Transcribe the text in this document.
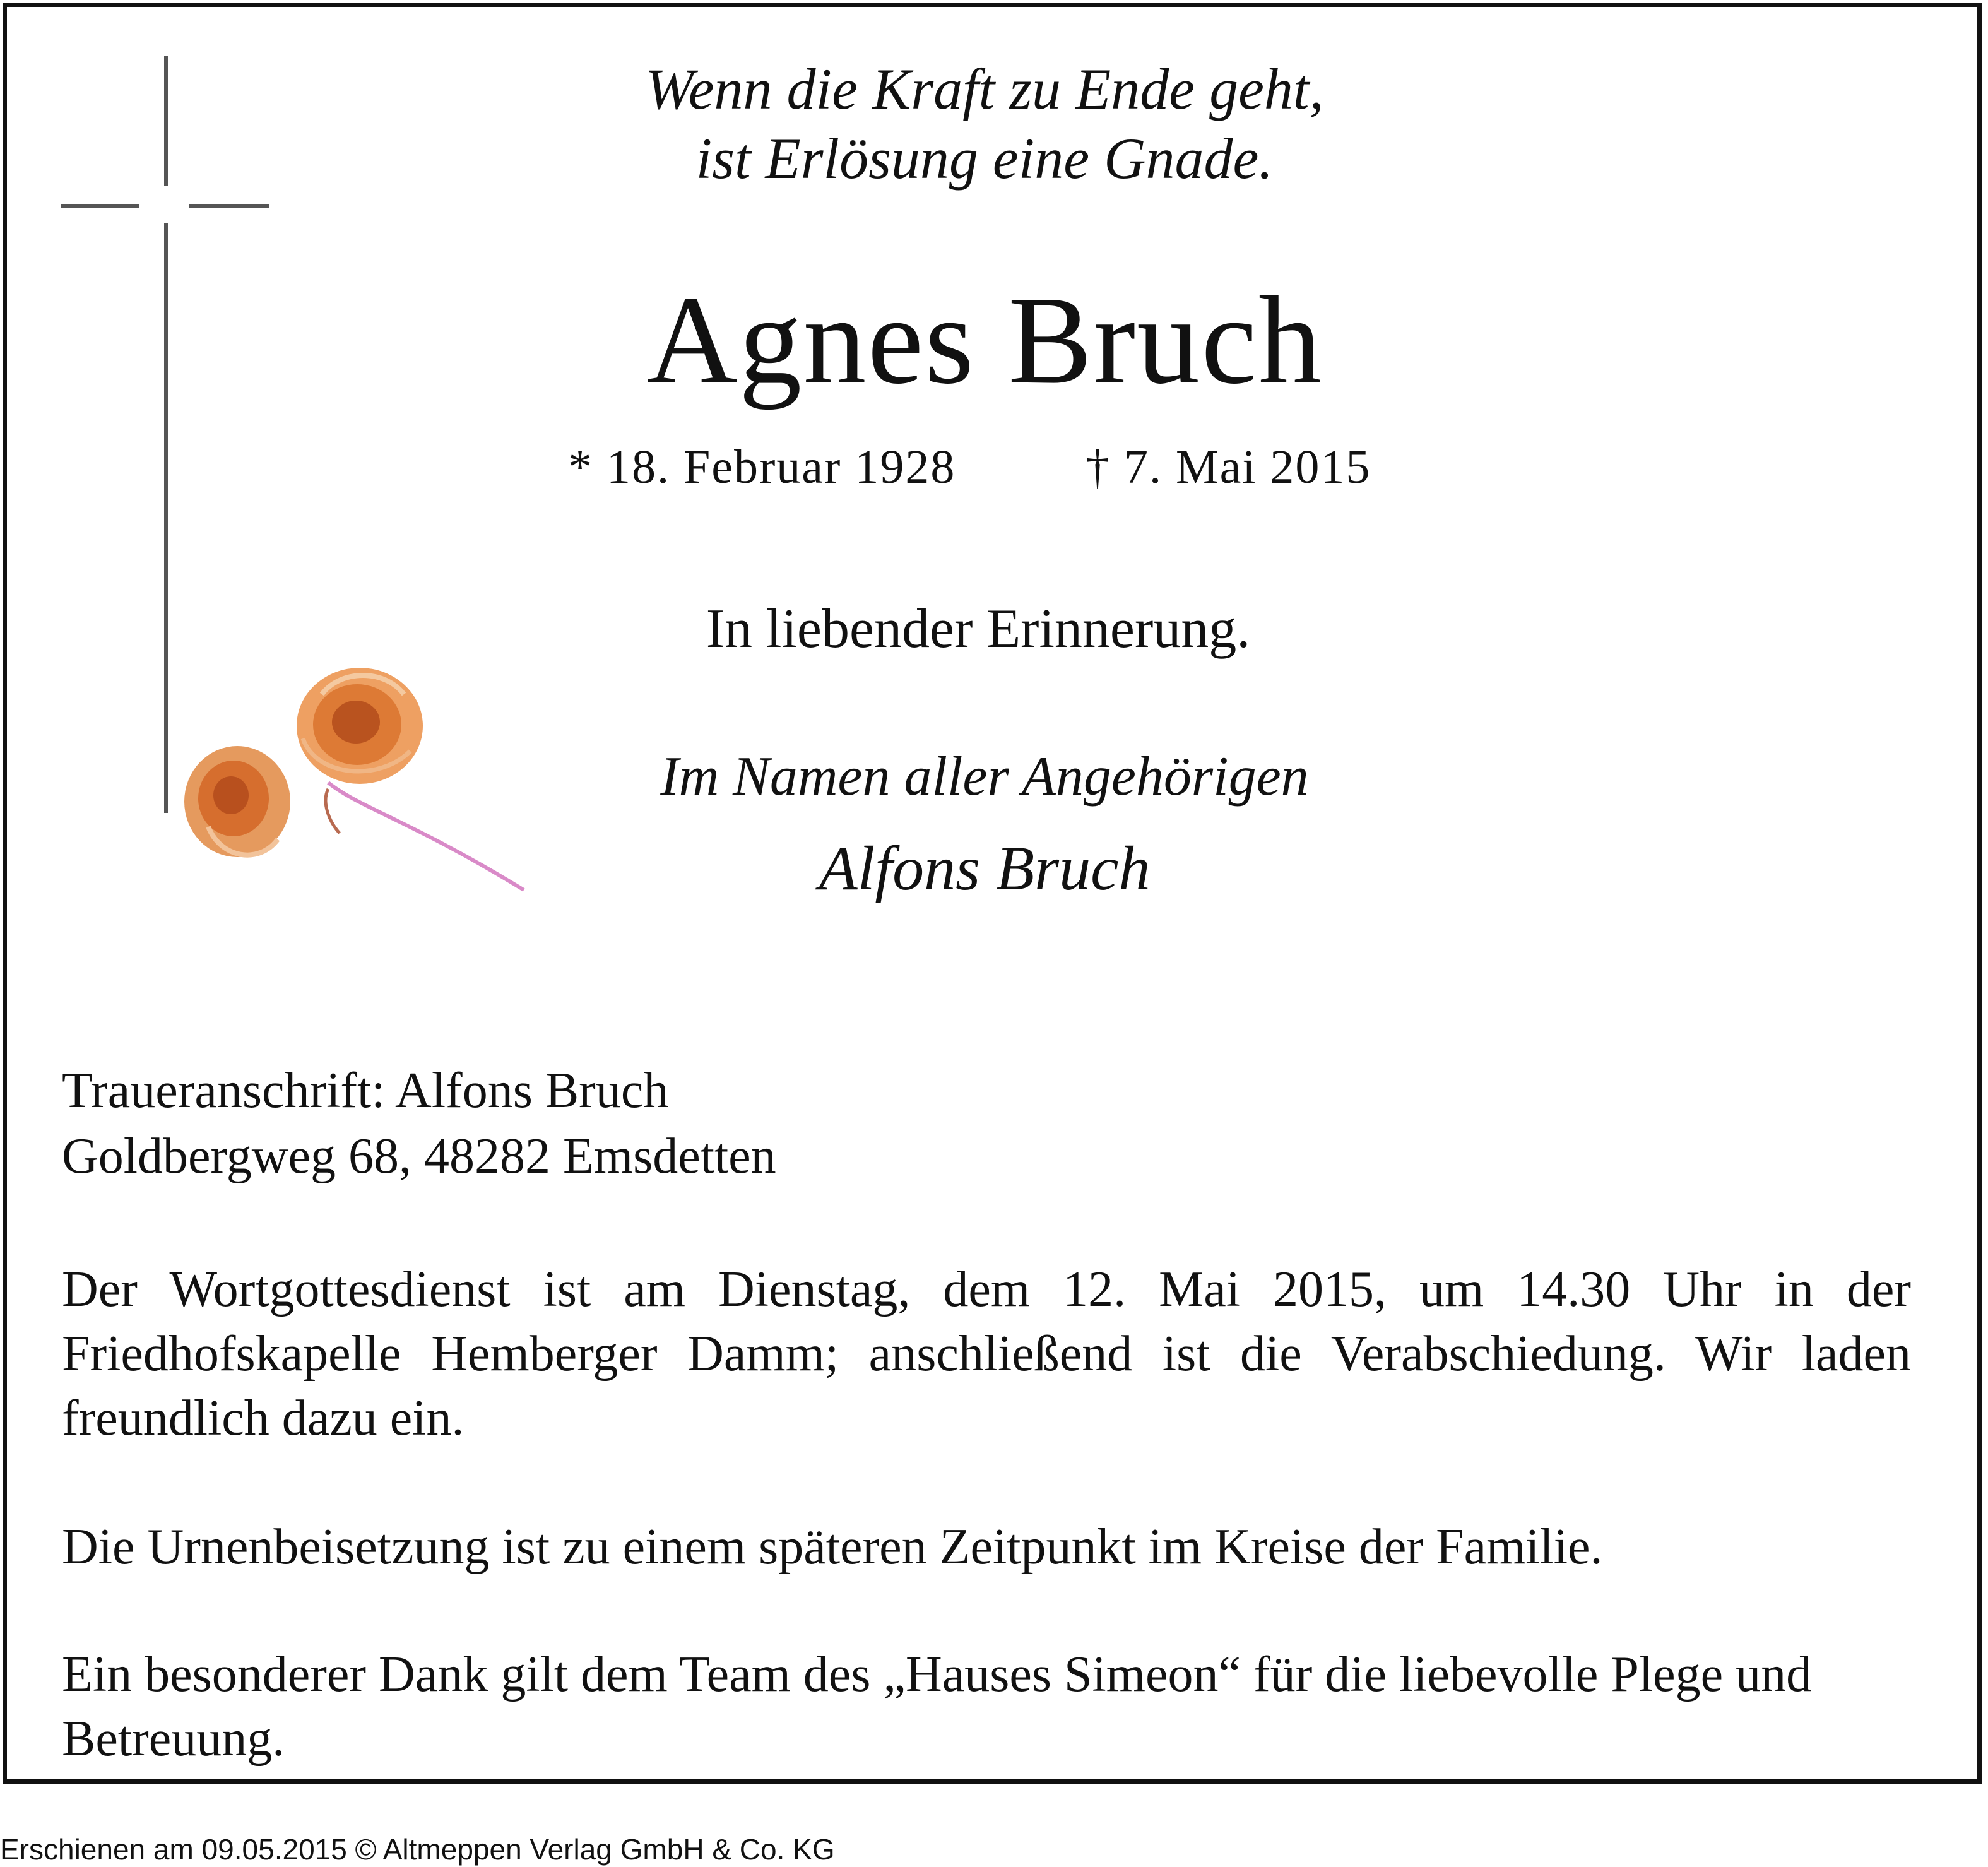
Wenn die Kraft zu Ende geht,
ist Erlösung eine Gnade.
Agnes Bruch
* 18. Februar 1928	† 7. Mai 2015
In liebender Erinnerung.
Im Namen aller Angehörigen
Alfons Bruch
Traueranschrift: Alfons Bruch
Goldbergweg 68, 48282 Emsdetten

Der Wortgottesdienst ist am Dienstag, dem 12. Mai 2015, um 14.30 Uhr in der Friedhofskapelle Hemberger Damm; anschließend ist die Verabschiedung. Wir laden freundlich dazu ein.

Die Urnenbeisetzung ist zu einem späteren Zeitpunkt im Kreise der Familie.

Ein besonderer Dank gilt dem Team des „Hauses Simeon“ für die liebevolle Plege und Betreuung.

Erschienen am 09.05.2015 © Altmeppen Verlag GmbH & Co. KG
